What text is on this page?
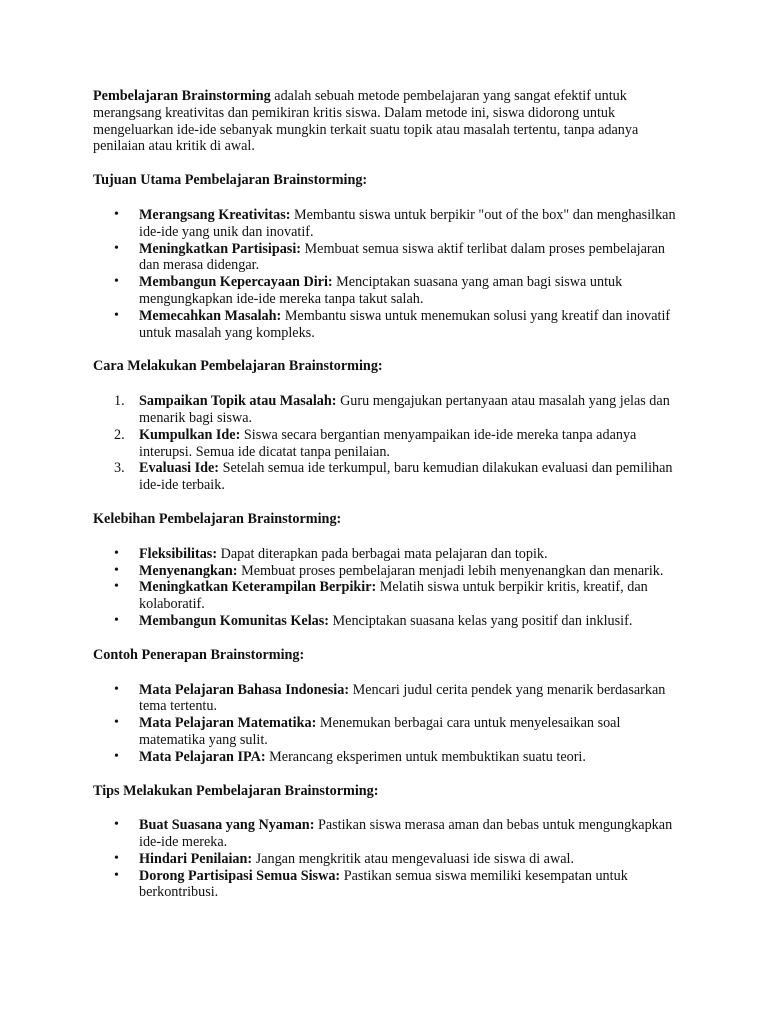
Pembelajaran Brainstorming adalah sebuah metode pembelajaran yang sangat efektif untuk merangsang kreativitas dan pemikiran kritis siswa. Dalam metode ini, siswa didorong untuk mengeluarkan ide-ide sebanyak mungkin terkait suatu topik atau masalah tertentu, tanpa adanya penilaian atau kritik di awal.

Tujuan Utama Pembelajaran Brainstorming:
• Merangsang Kreativitas: Membantu siswa untuk berpikir "out of the box" dan menghasilkan ide-ide yang unik dan inovatif.
• Meningkatkan Partisipasi: Membuat semua siswa aktif terlibat dalam proses pembelajaran dan merasa didengar.
• Membangun Kepercayaan Diri: Menciptakan suasana yang aman bagi siswa untuk mengungkapkan ide-ide mereka tanpa takut salah.
• Memecahkan Masalah: Membantu siswa untuk menemukan solusi yang kreatif dan inovatif untuk masalah yang kompleks.
Cara Melakukan Pembelajaran Brainstorming:
1. Sampaikan Topik atau Masalah: Guru mengajukan pertanyaan atau masalah yang jelas dan menarik bagi siswa.
2. Kumpulkan Ide: Siswa secara bergantian menyampaikan ide-ide mereka tanpa adanya interupsi. Semua ide dicatat tanpa penilaian.
3. Evaluasi Ide: Setelah semua ide terkumpul, baru kemudian dilakukan evaluasi dan pemilihan ide-ide terbaik.
Kelebihan Pembelajaran Brainstorming:
• Fleksibilitas: Dapat diterapkan pada berbagai mata pelajaran dan topik.
• Menyenangkan: Membuat proses pembelajaran menjadi lebih menyenangkan dan menarik.
• Meningkatkan Keterampilan Berpikir: Melatih siswa untuk berpikir kritis, kreatif, dan kolaboratif.
• Membangun Komunitas Kelas: Menciptakan suasana kelas yang positif dan inklusif.
Contoh Penerapan Brainstorming:
• Mata Pelajaran Bahasa Indonesia: Mencari judul cerita pendek yang menarik berdasarkan tema tertentu.
• Mata Pelajaran Matematika: Menemukan berbagai cara untuk menyelesaikan soal matematika yang sulit.
• Mata Pelajaran IPA: Merancang eksperimen untuk membuktikan suatu teori.
Tips Melakukan Pembelajaran Brainstorming:
• Buat Suasana yang Nyaman: Pastikan siswa merasa aman dan bebas untuk mengungkapkan ide-ide mereka.
• Hindari Penilaian: Jangan mengkritik atau mengevaluasi ide siswa di awal.
• Dorong Partisipasi Semua Siswa: Pastikan semua siswa memiliki kesempatan untuk berkontribusi.
